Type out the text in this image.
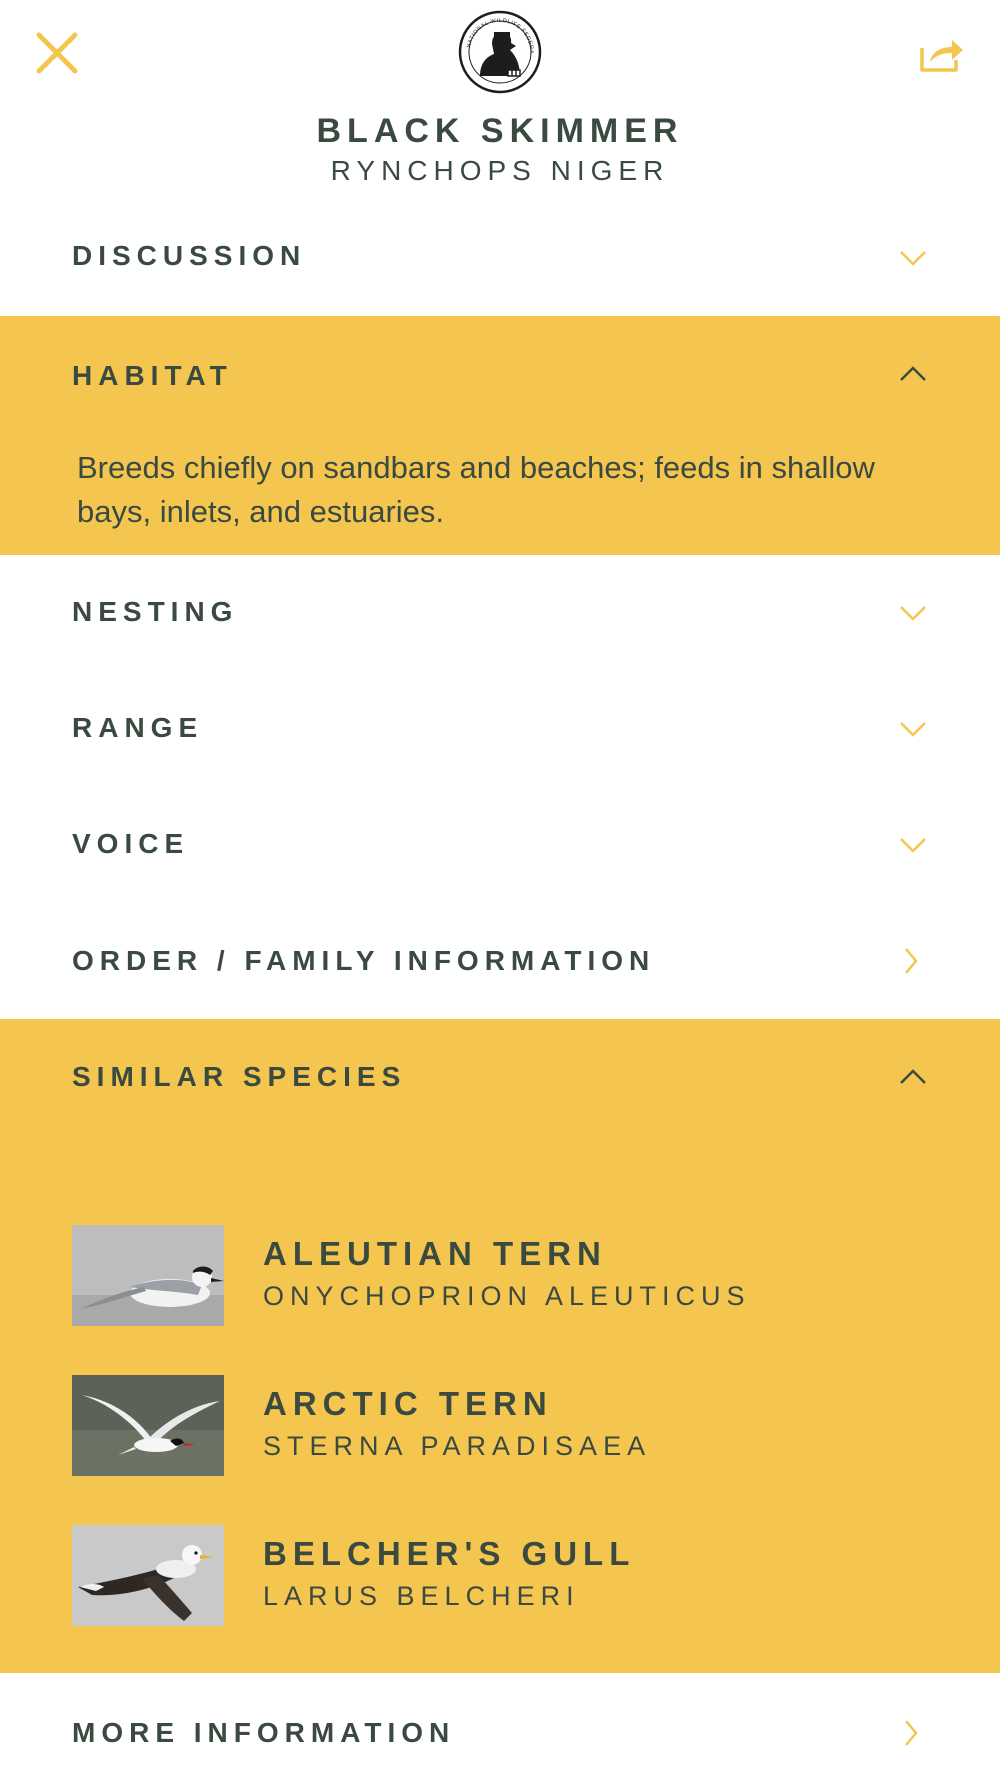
NATIONAL WILDLIFE FEDERA
BLACK SKIMMER
RYNCHOPS NIGER
DISCUSSION
HABITAT
Breeds chiefly on sandbars and beaches; feeds in shallow bays, inlets, and estuaries.
NESTING
RANGE
VOICE
ORDER / FAMILY INFORMATION
SIMILAR SPECIES
ALEUTIAN TERN
ONYCHOPRION ALEUTICUS
ARCTIC TERN
STERNA PARADISAEA
BELCHER'S GULL
LARUS BELCHERI
MORE INFORMATION
